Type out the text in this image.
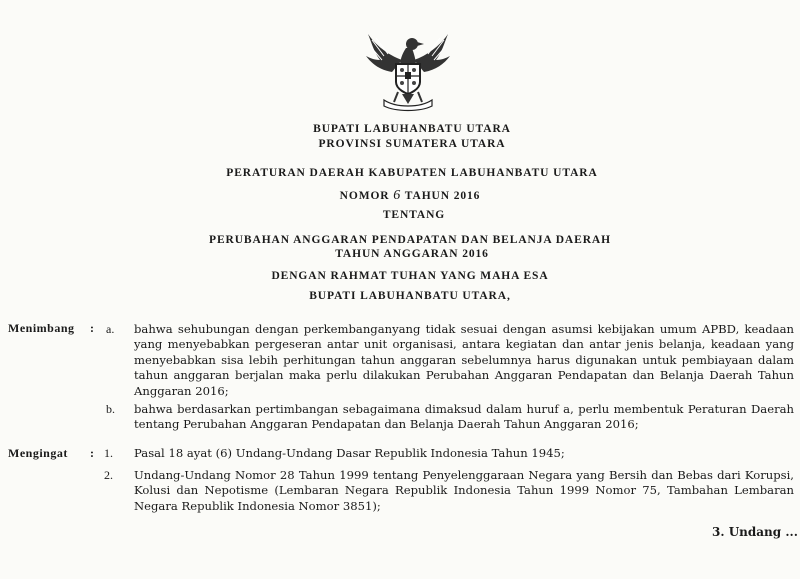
BUPATI LABUHANBATU UTARA
PROVINSI SUMATERA UTARA
PERATURAN DAERAH KABUPATEN LABUHANBATU UTARA
NOMOR 6 TAHUN 2016
TENTANG
PERUBAHAN ANGGARAN PENDAPATAN DAN BELANJA DAERAH
TAHUN ANGGARAN 2016
DENGAN RAHMAT TUHAN YANG MAHA ESA
BUPATI LABUHANBATU UTARA,
Menimbang : a. bahwa sehubungan dengan perkembanganyang tidak sesuai dengan asumsi kebijakan umum APBD, keadaan yang menyebabkan pergeseran antar unit organisasi, antara kegiatan dan antar jenis belanja, keadaan yang menyebabkan sisa lebih perhitungan tahun anggaran sebelumnya harus digunakan untuk pembiayaan dalam tahun anggaran berjalan maka perlu dilakukan Perubahan Anggaran Pendapatan dan Belanja Daerah Tahun Anggaran 2016;
b. bahwa berdasarkan pertimbangan sebagaimana dimaksud dalam huruf a, perlu membentuk Peraturan Daerah tentang Perubahan Anggaran Pendapatan dan Belanja Daerah Tahun Anggaran 2016;
Mengingat : 1. Pasal 18 ayat (6) Undang-Undang Dasar Republik Indonesia Tahun 1945;
2. Undang-Undang Nomor 28 Tahun 1999 tentang Penyelenggaraan Negara yang Bersih dan Bebas dari Korupsi, Kolusi dan Nepotisme (Lembaran Negara Republik Indonesia Tahun 1999 Nomor 75, Tambahan Lembaran Negara Republik Indonesia Nomor 3851);
3. Undang ...
